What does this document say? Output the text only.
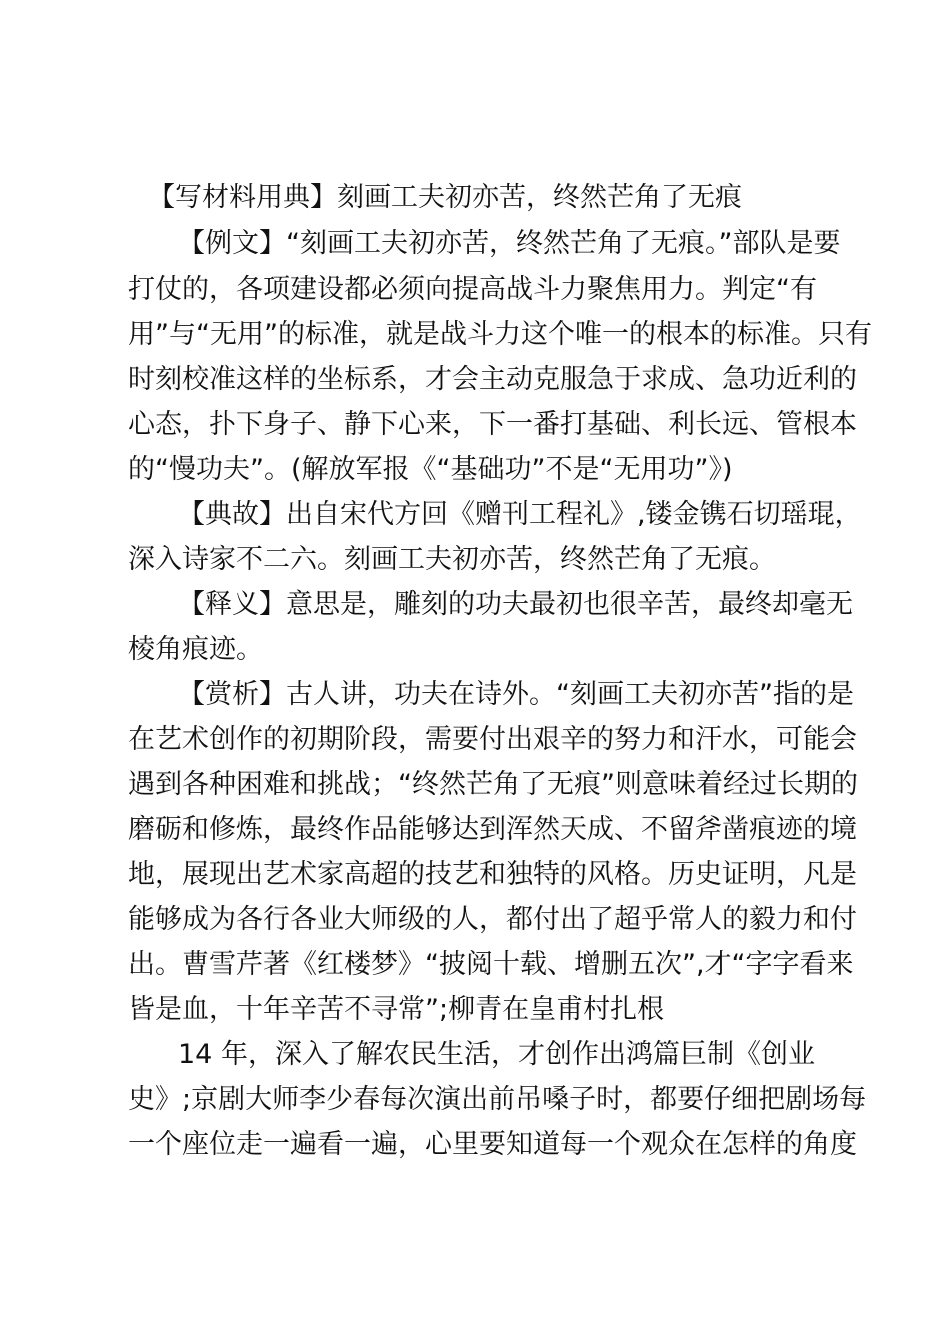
【写材料用典】刻画工夫初亦苦，终然芒角了无痕
【例文】“刻画工夫初亦苦，终然芒角了无痕。”部队是要
打仗的，各项建设都必须向提高战斗力聚焦用力。判定“有
用”与“无用”的标准，就是战斗力这个唯一的根本的标准。只有
时刻校准这样的坐标系，才会主动克服急于求成、急功近利的
心态，扑下身子、静下心来，下一番打基础、利长远、管根本
的“慢功夫”。(解放军报《“基础功”不是“无用功”》)
【典故】出自宋代方回《赠刊工程礼》,镂金镌石切瑶琨，
深入诗家不二六。刻画工夫初亦苦，终然芒角了无痕。
【释义】意思是，雕刻的功夫最初也很辛苦，最终却毫无
棱角痕迹。
【赏析】古人讲，功夫在诗外。“刻画工夫初亦苦”指的是
在艺术创作的初期阶段，需要付出艰辛的努力和汗水，可能会
遇到各种困难和挑战；“终然芒角了无痕”则意味着经过长期的
磨砺和修炼，最终作品能够达到浑然天成、不留斧凿痕迹的境
地，展现出艺术家高超的技艺和独特的风格。历史证明，凡是
能够成为各行各业大师级的人，都付出了超乎常人的毅力和付
出。曹雪芹著《红楼梦》“披阅十载、增删五次”,才“字字看来
皆是血，十年辛苦不寻常”;柳青在皇甫村扎根
14 年，深入了解农民生活，才创作出鸿篇巨制《创业
史》;京剧大师李少春每次演出前吊嗓子时，都要仔细把剧场每
一个座位走一遍看一遍，心里要知道每一个观众在怎样的角度
